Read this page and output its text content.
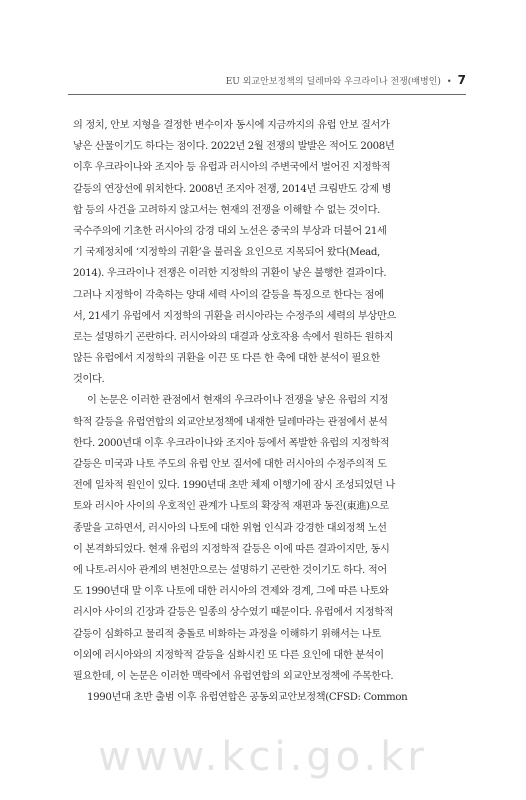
EU 외교안보정책의 딜레마와 우크라이나 전쟁(배병인) • 7
의 정치, 안보 지형을 결정한 변수이자 동시에 지금까지의 유럽 안보 질서가
낳은 산물이기도 하다는 점이다. 2022년 2월 전쟁의 발발은 적어도 2008년
이후 우크라이나와 조지아 등 유럽과 러시아의 주변국에서 벌어진 지정학적
갈등의 연장선에 위치한다. 2008년 조지아 전쟁, 2014년 크림반도 강제 병
합 등의 사건을 고려하지 않고서는 현재의 전쟁을 이해할 수 없는 것이다.
국수주의에 기초한 러시아의 강경 대외 노선은 중국의 부상과 더불어 21세
기 국제정치에 ‘지정학의 귀환’을 불러올 요인으로 지목되어 왔다(Mead,
2014). 우크라이나 전쟁은 이러한 지정학의 귀환이 낳은 불행한 결과이다.
그러나 지정학이 각축하는 양대 세력 사이의 갈등을 특징으로 한다는 점에
서, 21세기 유럽에서 지정학의 귀환을 러시아라는 수정주의 세력의 부상만으
로는 설명하기 곤란하다. 러시아와의 대결과 상호작용 속에서 원하든 원하지
않든 유럽에서 지정학의 귀환을 이끈 또 다른 한 축에 대한 분석이 필요한
것이다.
이 논문은 이러한 관점에서 현재의 우크라이나 전쟁을 낳은 유럽의 지정
학적 갈등을 유럽연합의 외교안보정책에 내재한 딜레마라는 관점에서 분석
한다. 2000년대 이후 우크라이나와 조지아 등에서 폭발한 유럽의 지정학적
갈등은 미국과 나토 주도의 유럽 안보 질서에 대한 러시아의 수정주의적 도
전에 일차적 원인이 있다. 1990년대 초반 체제 이행기에 잠시 조성되었던 나
토와 러시아 사이의 우호적인 관계가 나토의 확장적 재편과 동진(東進)으로
종말을 고하면서, 러시아의 나토에 대한 위협 인식과 강경한 대외정책 노선
이 본격화되었다. 현재 유럽의 지정학적 갈등은 이에 따른 결과이지만, 동시
에 나토-러시아 관계의 변천만으로는 설명하기 곤란한 것이기도 하다. 적어
도 1990년대 말 이후 나토에 대한 러시아의 견제와 경계, 그에 따른 나토와
러시아 사이의 긴장과 갈등은 일종의 상수였기 때문이다. 유럽에서 지정학적
갈등이 심화하고 물리적 충돌로 비화하는 과정을 이해하기 위해서는 나토
이외에 러시아와의 지정학적 갈등을 심화시킨 또 다른 요인에 대한 분석이
필요한데, 이 논문은 이러한 맥락에서 유럽연합의 외교안보정책에 주목한다.
1990년대 초반 출범 이후 유럽연합은 공동외교안보정책(CFSD: Common
www.kci.go.kr
